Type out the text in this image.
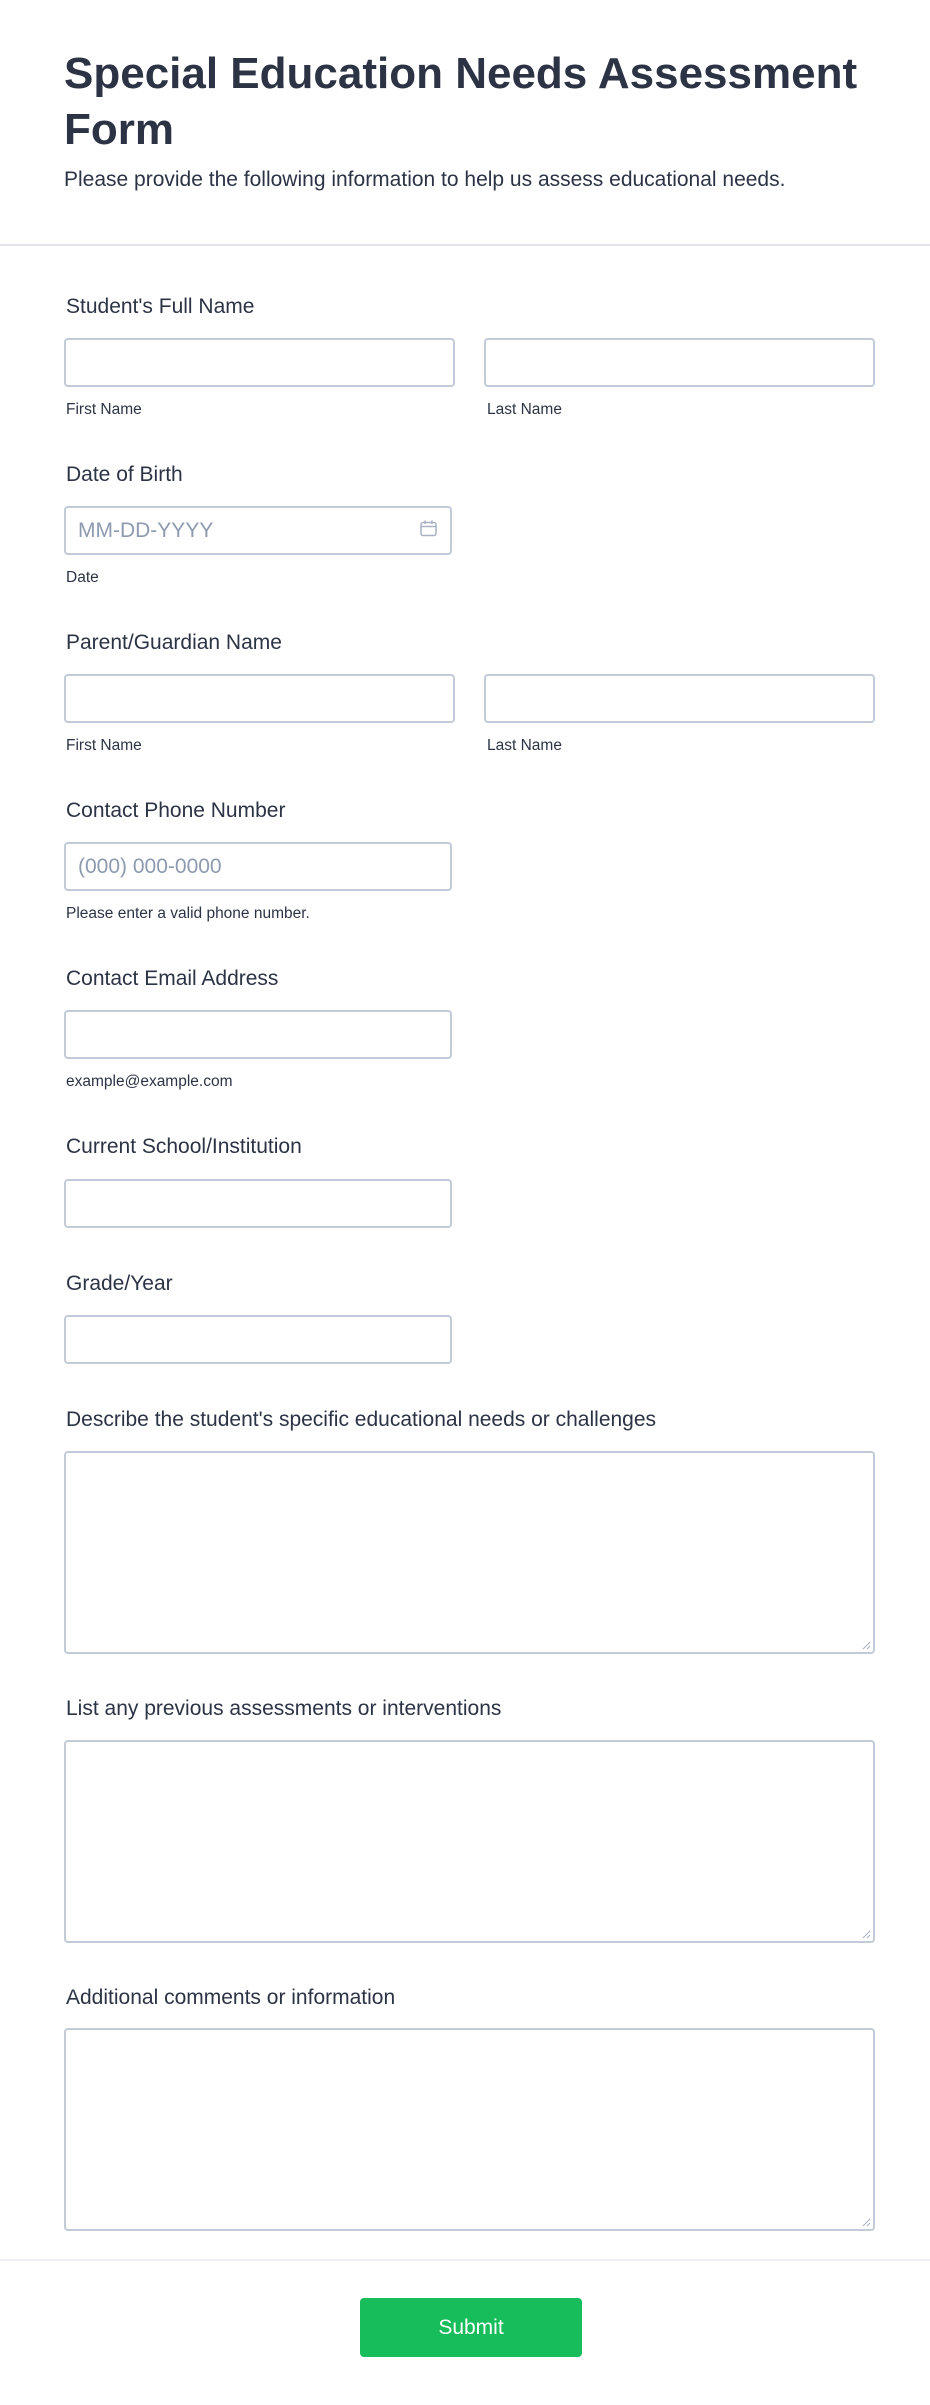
Special Education Needs Assessment Form

Please provide the following information to help us assess educational needs.

Student's Full Name
First Name	Last Name
Date of Birth
MM-DD-YYYY
Date
Parent/Guardian Name
First Name	Last Name
Contact Phone Number
(000) 000-0000
Please enter a valid phone number.
Contact Email Address
example@example.com
Current School/Institution
Grade/Year
Describe the student's specific educational needs or challenges
List any previous assessments or interventions
Additional comments or information
Submit
